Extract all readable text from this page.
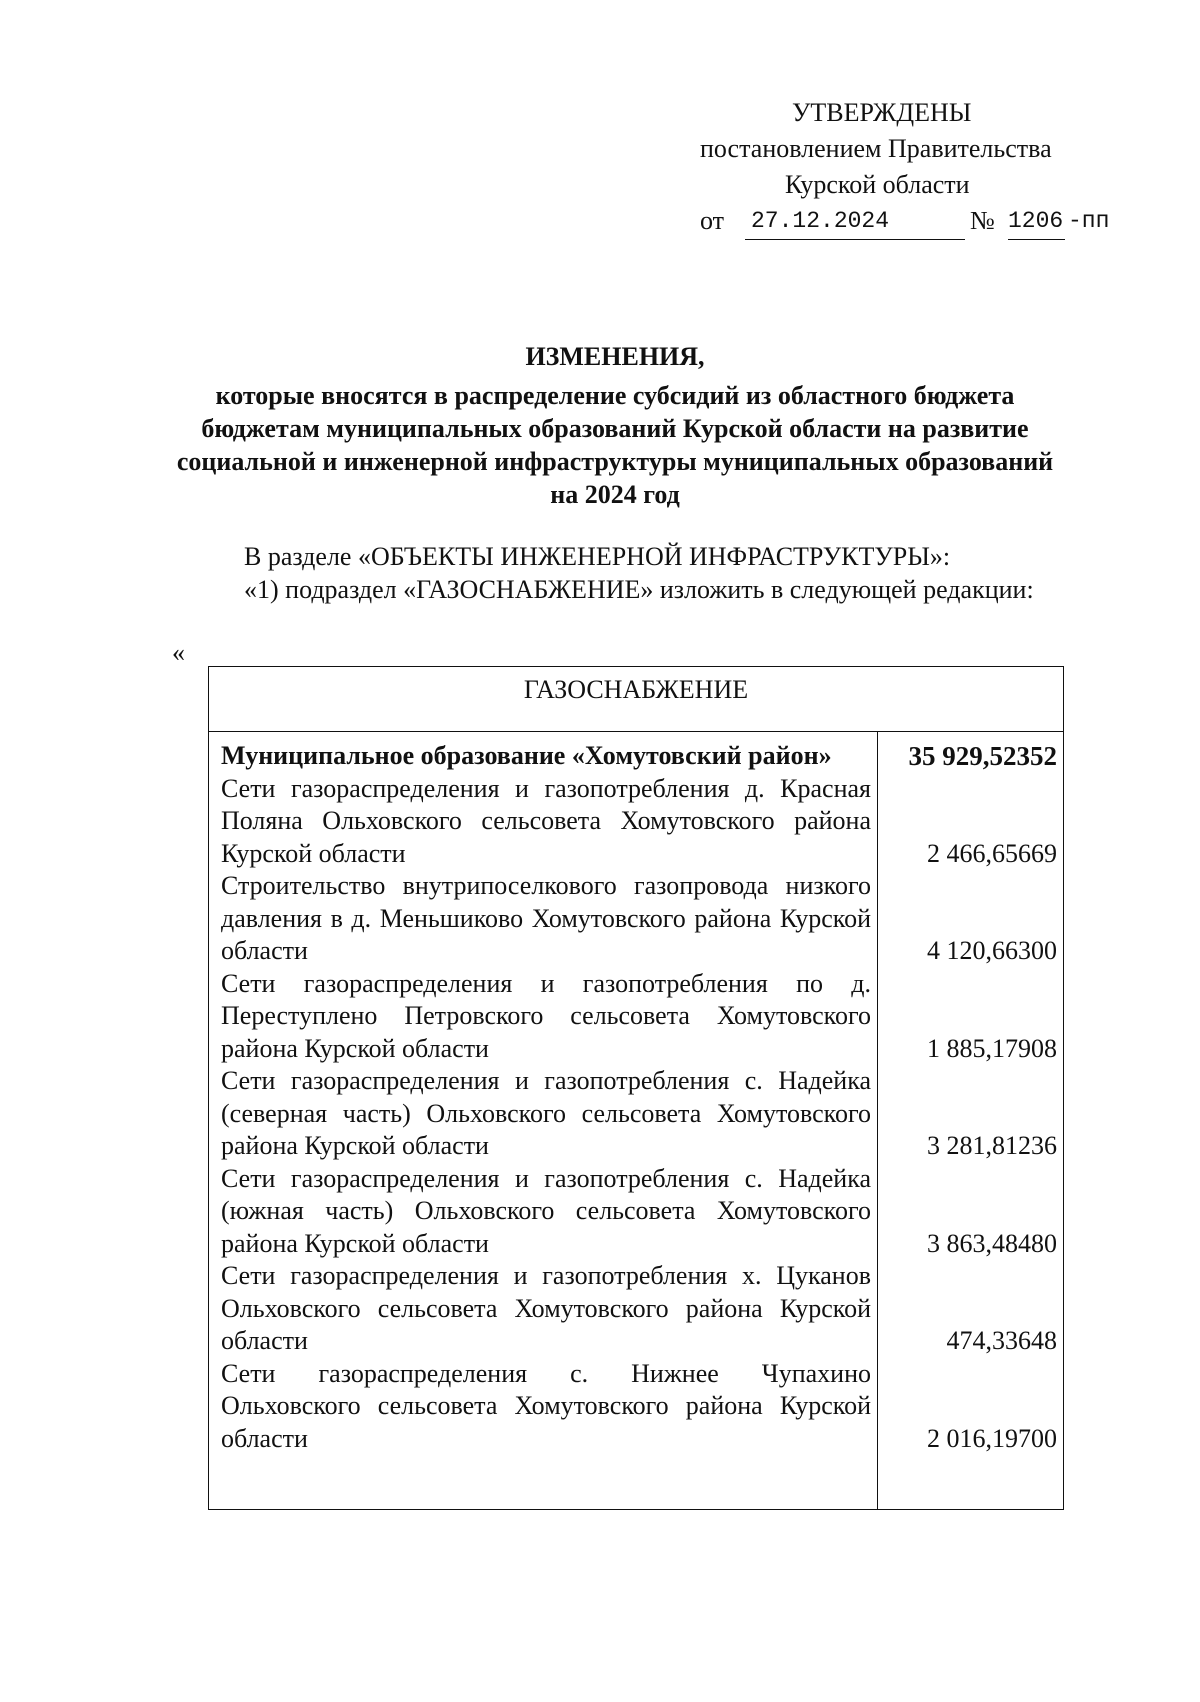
УТВЕРЖДЕНЫ
постановлением Правительства
Курской области
от 27.12.2024	№ 1206 -пп
ИЗМЕНЕНИЯ,
которые вносятся в распределение субсидий из областного бюджета бюджетам муниципальных образований Курской области на развитие социальной и инженерной инфраструктуры муниципальных образований на 2024 год
В разделе «ОБЪЕКТЫ ИНЖЕНЕРНОЙ ИНФРАСТРУКТУРЫ»:
«1) подраздел «ГАЗОСНАБЖЕНИЕ» изложить в следующей редакции:
«
ГАЗОСНАБЖЕНИЕ
Муниципальное образование «Хомутовский район»	35 929,52352
Сети газораспределения и газопотребления д. Красная Поляна Ольховского сельсовета Хомутовского района Курской области	2 466,65669
Строительство внутрипоселкового газопровода низкого давления в д. Меньшиково Хомутовского района Курской области	4 120,66300
Сети газораспределения и газопотребления по д. Переступлено Петровского сельсовета Хомутовского района Курской области	1 885,17908
Сети газораспределения и газопотребления с. Надейка (северная часть) Ольховского сельсовета Хомутовского района Курской области	3 281,81236
Сети газораспределения и газопотребления с. Надейка (южная часть) Ольховского сельсовета Хомутовского района Курской области	3 863,48480
Сети газораспределения и газопотребления х. Цуканов Ольховского сельсовета Хомутовского района Курской области	474,33648
Сети газораспределения с. Нижнее Чупахино Ольховского сельсовета Хомутовского района Курской области	2 016,19700
